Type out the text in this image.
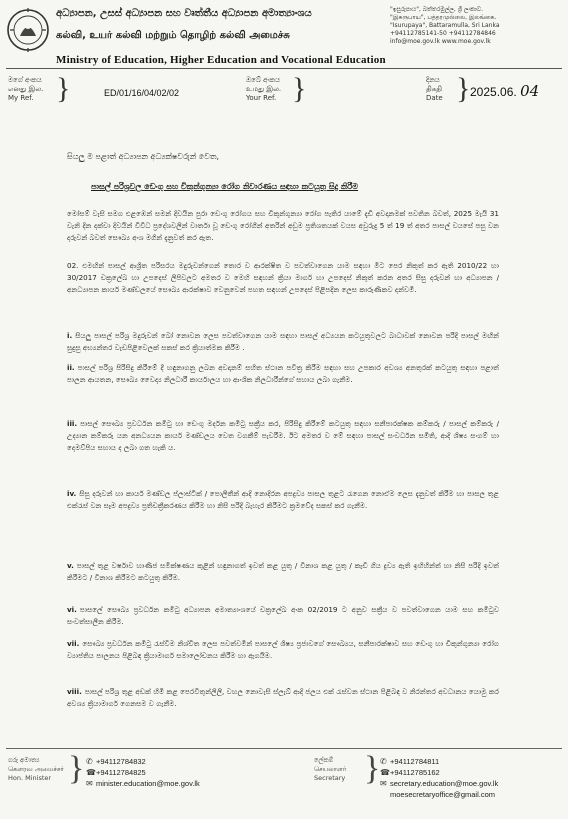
අධ්‍යාපන, උසස් අධ්‍යාපන සහ වෘත්තීය අධ්‍යාපන අමාත්‍යාංශය
கல்வி, உயர் கல்வி மற்றும் தொழிற் கல்வி அமைச்சு
Ministry of Education, Higher Education and Vocational Education
"ඉසුරුපාය", බත්තරමුල්ල, ශ්‍රී ලංකාව.
"இசுருபாய", பத்தரமுல்லை, இலங்கை.
"Isurupaya", Battaramulla, Sri Lanka
+94112785141-50 +94112784846
info@moe.gov.lk www.moe.gov.lk
මගේ අංකය
எனது இல.
My Ref. }	ED/01/16/04/02/02
ඔබේ අංකය
உமது இல.
Your Ref. }	දිනය
திகதி
Date } 2025.06. 04
සියලු ම පළාත් අධ්‍යාපන අධ්‍යක්ෂවරුන් වෙත,
පාසල් පරිශ්‍රවල ඩෙංගු සහ චිකුන්ගුන්‍යා රෝග නිවාරණය සඳහා කටයුතු සිදු කිරීම
මෝසම් වැසි සමග එළඹෙන් සමන් දිවයින පුරා ඩෙංගු රෝගය සහ චිකුන්ගුන්‍යා රෝග පැතිර යාමේ දැඩි අවදානමක් පවතින බවත්, 2025 මැයි 31 වැනි දින දක්වා දිවයින් විවිධ ප්‍රදේශවලින් වාර්තා වූ ඩෙංගු රෝගීන් අතරින් අඩුම ප්‍රතිශතයක් වයස අවුරුදු 5 ත් 19 ත් අතර පාසල් වයසේ පසු වන දරුවන් බවත් සෞඛ්‍ය අංශ මගින් දැනුවත් කර ඇත.
02. එමඟින් පාසල් ආශ්‍රිත පරිසරය මදුරුවන්ගෙන් තොර ව ආරක්ෂිත ව පවත්වාගෙන යාම සඳහා මීට පෙර නිකුත් කර ඇති 2010/22 හා 30/2017 චක්‍රලේඛ හා උපදෙස් ලිපිවලට අමතර ව මෙහි සඳහන් ක්‍රියා මාර්ග හා උපදෙස් නිකුත් කරන අතර සිසු දරුවන් හා අධ්‍යාපන / අනධ්‍යාපන කාර්ය මණ්ඩලයේ සෞඛ්‍ය ආරක්ෂාව වෙනුවෙන් පහත සඳහන් උපදෙස් පිළිපදින ලෙස කාරුණිකව දන්වමි.
i. සියලු පාසල් පරිශ්‍ර මදුරුවන් බෝ නොවන ලෙස පවත්වාගෙන යාම සඳහා පාසල් අධ්‍යයන කටයුතුවලට බාධාවක් නොවන පරිදි පාසල් මඟින් සුදුසු අභ්‍යන්තර වැඩපිළිවෙලක් සකස් කර ක්‍රියාත්මක කිරීම .
ii. පාසල් පරිශ්‍ර පිරිසිදු කිරීමේ දී හඳුනාගනු ලබන අවදානම් සහිත ස්ථාන පවිත්‍ර කිරීම සඳහා සහ උපකාර අවශ්‍ය අනතුරක් කටයුතු සඳහා පළාත් පාලන ආයතන, සෞඛ්‍ය වෛද්‍ය නිලධාරී කාර්යාලය හා ආංශික නිලධාරීන්ගේ සහාය ලබා ගැනීම.
iii. පාසල් සෞඛ්‍ය ප්‍රවර්ධන කමිටු හා ඩෙංගු මර්දන කමිටු සක්‍රීය කර, පිරිසිදු කිරීමේ කටයුතු සඳහා සනීපාරක්ෂක කම්කරු / පාසල් කම්කරු / උද්‍යාන කම්කරු යන අනධ්‍යයන කාර්ය මණ්ඩලය වෙත වගකීම් පැවරීම. ඊට අමතර ව මේ සඳහා පාසල් සංවර්ධන සමිති, ආදි ශිෂ්‍ය සංගම් හා දෙමව්පිය සහාය ද ලබා ගත හැකි ය.
iv. සිසු දරුවන් හා කාර්ය මණ්ඩල ප්ලාස්ටික් / පොලිතීන් ආදි නොදිරන අපද්‍රව්‍ය පාසල තුළට රැගෙන නොඒම ලෙස දැනුවත් කිරීම හා පාසල තුළ එක්රැස් වන සෑම අපද්‍රව්‍ය ප්‍රතිචක්‍රීකරණය කිරීම හා නිසි පරිදි බැහැර කිරීමට ක්‍රමවේද සකස් කර ගැනීම.
v. පාසල් තුළ වර්ෂාව හාණිජ සමීක්ෂණය කුළින් හඳුනාගත් ඉවත් කළ යුතු / විනාශ කළ යුතු / කැඩී ගිය ද්‍රව්‍ය ඇති ඉහිහින්ත් හා නිසි පරිදි ඉවත් කිරීමට / විනාශ කිරීමට කටයුතු කිරීම.
vi. පාසලේ සෞඛ්‍ය ප්‍රවර්ධන කමිටු අධ්‍යාපන අමාත්‍යාංශයේ චක්‍රලේඛ අංක 02/2019 ට අනුව සක්‍රීය ව පවත්වාගෙන යාම සහ කමිටුව සංවත්සාලීන කිරීම.
vii. සෞඛ්‍ය ප්‍රවර්ධන කමිටු රැස්වීම නිශ්චිත ලෙස පවත්වමින් පාසලේ ශිෂ්‍ය ප්‍රජාවගේ සෞඛ්‍යය, සනීපාරක්ෂාව සහ ඩෙංගු හා චිකුන්ගුන්‍යා රෝග ව්‍යාප්තිය පාලනය පිළිබඳ ක්‍රියාමාර්ග සමාලෝචනය කිරීම හා ඇගයීම.
viii. පාසල් පරිශ්‍ර තුළ අඩක් හිමි කළ පෙරවිතුන්ලිලි, වහල නොවැසි ස්ලැබ් ආදි ජලය එක් රැස්වන ස්ථාන පිළිබඳ ව නිරන්තර අවධානය යොමු කර අවශ්‍ය ක්‍රියාමාර්ග ගෙනසම ව ගැනීම.
ගරු අමාත්‍ය
கௌரவ அமைச்சர்
Hon. Minister } ✆ +94112784832
☎+94112784825
✉ minister.education@moe.gov.lk
ලේකම්
செயலாளர்
Secretary } ✆ +94112784811
☎+94112785162
✉ secretary.education@moe.gov.lk
moesecretaryoffice@gmail.com
